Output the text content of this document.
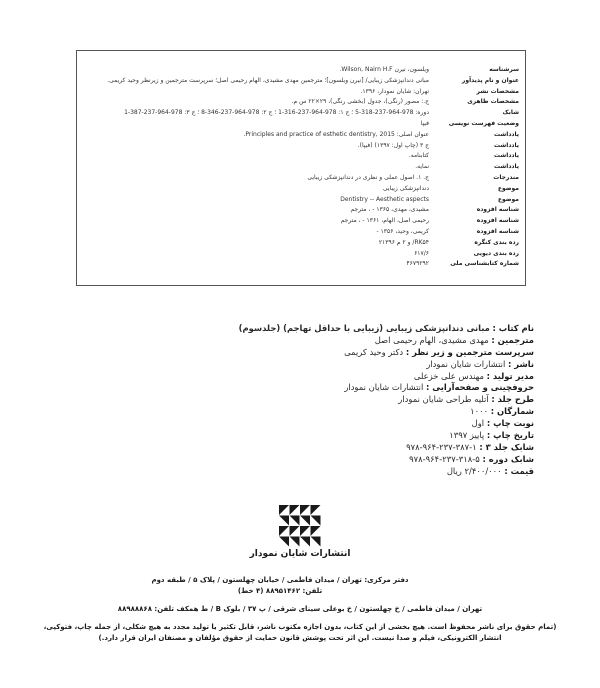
سرشناسه
ویلسون، نیرن Wilson, Nairn H.F.
عنوان و نام پدیدآور
مبانی دندانپزشکی زیبایی/ [نیرن ویلسون]؛ مترجمین مهدی مشیدی، الهام رحیمی اصل؛ سرپرست مترجمین و زیرنظر وحید کریمی.
مشخصات نشر
تهران: شایان نمودار، ۱۳۹۶.
مشخصات ظاهری
ج.: مصور (رنگی)، جدول (بخشی رنگی)، ۲۹×۲۲ س م.
شابک
دوره: 978-964-237-318-5 ؛ ج ۱: 978-964-237-316-1 ؛ ج ۲: 978-964-237-346-8 ؛ ج ۳: 978-964-237-387-1
وضعیت فهرست نویسی
فیپا
یادداشت
عنوان اصلی: Principles and practice of esthetic dentistry, 2015.
یادداشت
ج ۳ (چاپ اول: ۱۳۹۷) (فیپا).
یادداشت
کتابنامه.
یادداشت
نمایه.
مندرجات
ج. ۱. اصول عملی و نظری در دندانپزشکی زیبایی
موضوع
دندانپزشکی زیبایی
موضوع
Dentistry -- Aesthetic aspects
شناسه افزوده
مشیدی، مهدی، ۱۳۶۵ - ، مترجم
شناسه افزوده
رحیمی اصل، الهام، ۱۳۶۱ - ، مترجم
شناسه افزوده
کریمی، وحید، ۱۳۵۶ -
رده بندی کنگره
RK۵۴/ و ۲ م ۲۱۳۹۶
رده بندی دیویی
۶۱۷/۶
شماره کتابشناسی ملی
۴۶۷۹۲۹۲
نام کتاب : مبانی دندانپزشکی زیبایی (زیبایی با حداقل تهاجم) (جلدسوم)
مترجمین : مهدی مشیدی، الهام رحیمی اصل
سرپرست مترجمین و زیر نظر : دکتر وحید کریمی
ناشر : انتشارات شایان نمودار
مدیر تولید : مهندس علی خزعلی
حروفچینی و صفحه‌آرایی : انتشارات شایان نمودار
طرح جلد : آتلیه طراحی شایان نمودار
شمارگان : ۱۰۰۰
نوبت چاپ : اول
تاریخ چاپ : پاییز ۱۳۹۷
شابک جلد ۳ : ۱-۳۸۷-۲۳۷-۹۶۴-۹۷۸
شابک دوره : ۵-۳۱۸-۲۳۷-۹۶۴-۹۷۸
قیمت : ۲/۴۰۰/۰۰۰ ریال
انتشارات شایان نمودار
دفتر مرکزی: تهران / میدان فاطمی / خیابان چهلستون / پلاک ۵ / طبقه دوم
تلفن: ۸۸۹۵۱۴۶۲ (۴ خط)
تهران / میدان فاطمی / خ چهلستون / خ بوعلی سینای شرقی / پ ۳۷ / بلوک B / ط همکف تلفن: ۸۸۹۸۸۸۶۸
(تمام حقوق برای ناشر محفوظ است. هیچ بخشی از این کتاب، بدون اجازه مکتوب ناشر، قابل تکثیر یا تولید مجدد به هیچ شکلی، از جمله چاپ، فتوکپی،
انتشار الکترونیکی، فیلم و صدا نیست. این اثر تحت پوشش قانون حمایت از حقوق مؤلفان و مصنفان ایران قرار دارد.)
